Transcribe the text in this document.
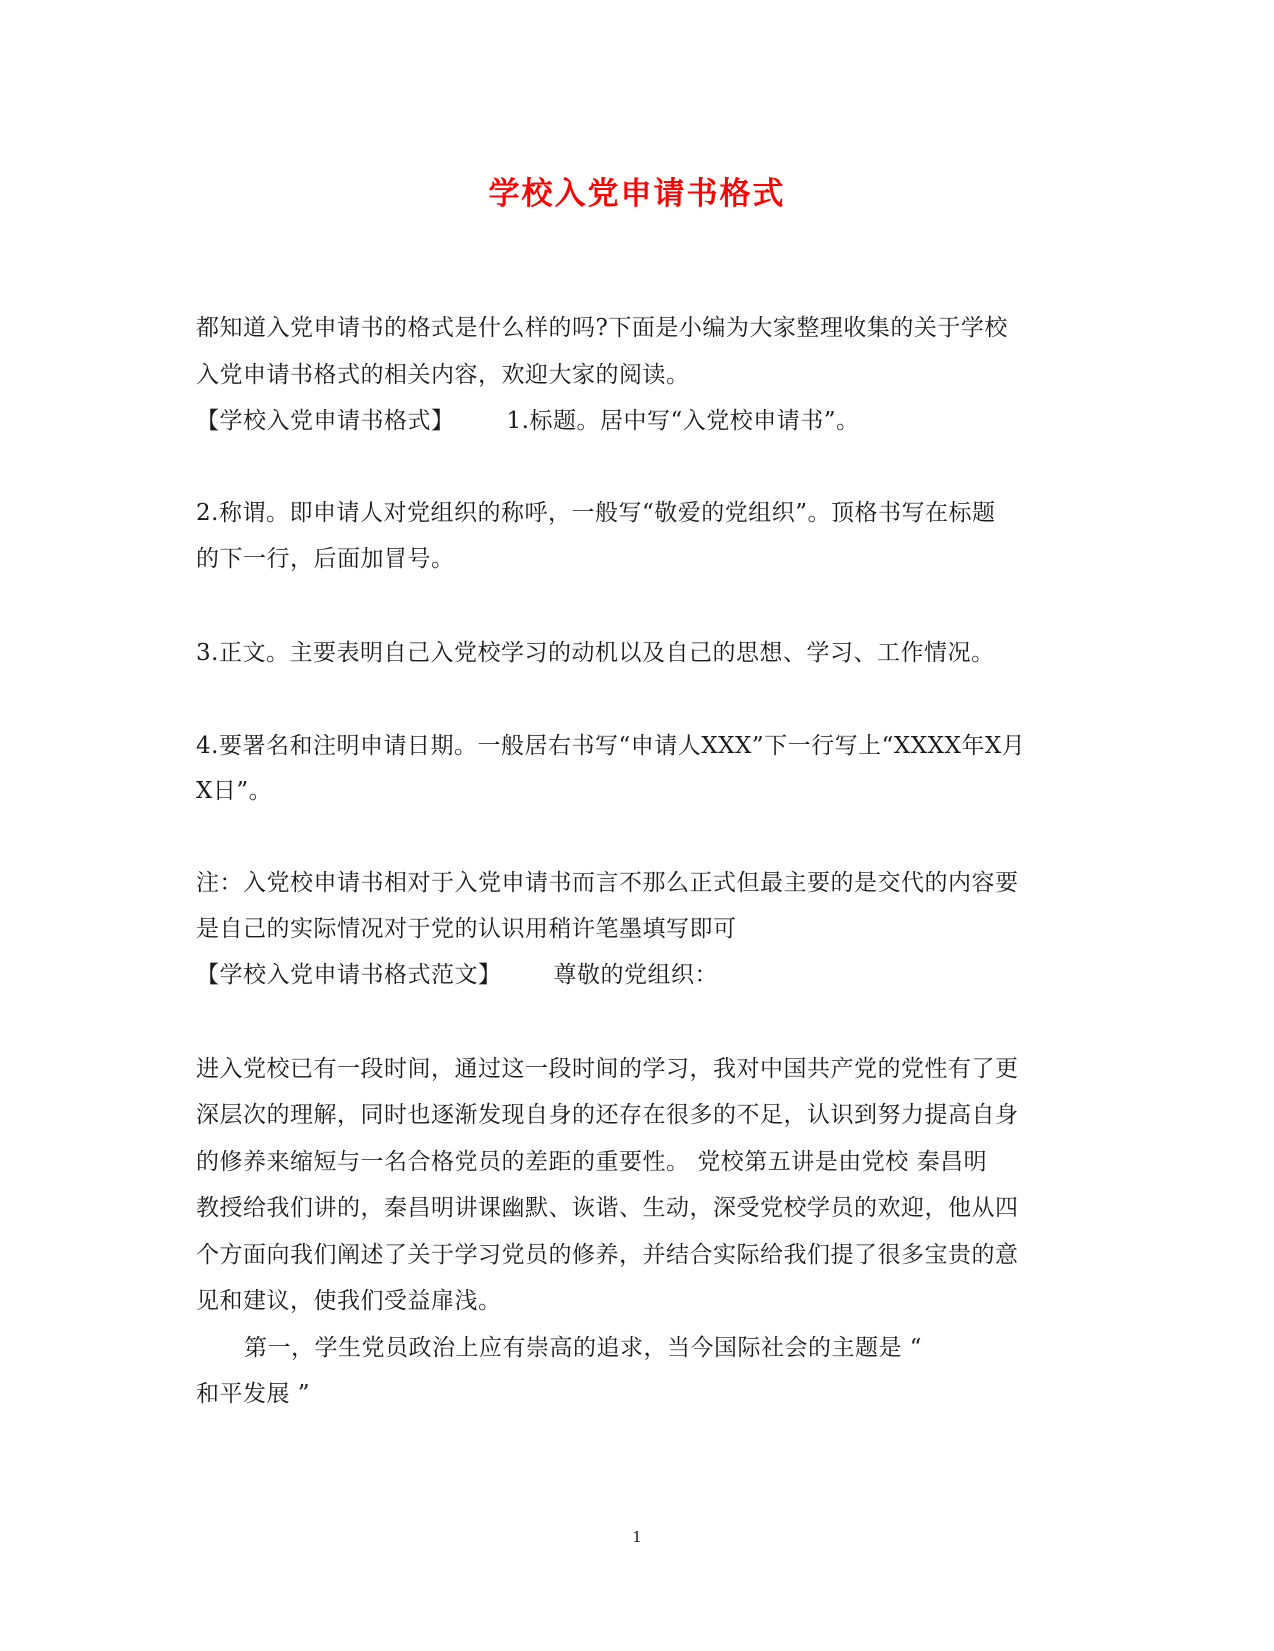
学校入党申请书格式
都知道入党申请书的格式是什么样的吗?下面是小编为大家整理收集的关于学校
入党申请书格式的相关内容，欢迎大家的阅读。
【学校入党申请书格式】 1.标题。居中写“入党校申请书”。
2.称谓。即申请人对党组织的称呼，一般写“敬爱的党组织”。顶格书写在标题
的下一行，后面加冒号。
3.正文。主要表明自己入党校学习的动机以及自己的思想、学习、工作情况。
4.要署名和注明申请日期。一般居右书写“申请人XXX”下一行写上“XXXX年X月
X日”。
注：入党校申请书相对于入党申请书而言不那么正式但最主要的是交代的内容要
是自己的实际情况对于党的认识用稍许笔墨填写即可
【学校入党申请书格式范文】 尊敬的党组织：
进入党校已有一段时间，通过这一段时间的学习，我对中国共产党的党性有了更
深层次的理解，同时也逐渐发现自身的还存在很多的不足，认识到努力提高自身
的修养来缩短与一名合格党员的差距的重要性。 党校第五讲是由党校 秦昌明
教授给我们讲的，秦昌明讲课幽默、诙谐、生动，深受党校学员的欢迎，他从四
个方面向我们阐述了关于学习党员的修养，并结合实际给我们提了很多宝贵的意
见和建议，使我们受益扉浅。
第一，学生党员政治上应有崇高的追求，当今国际社会的主题是 “
和平发展 ”
1
